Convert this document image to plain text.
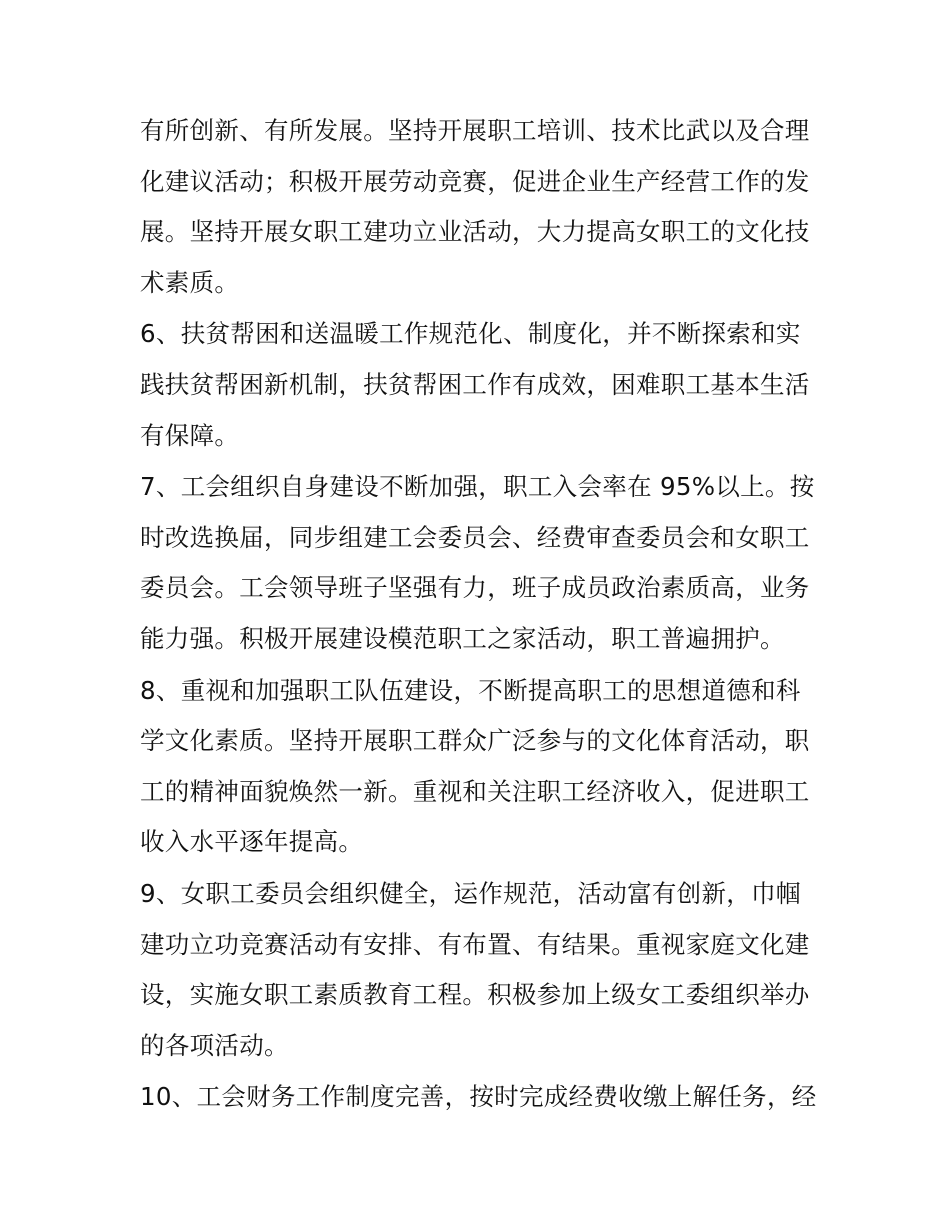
有所创新、有所发展。坚持开展职工培训、技术比武以及合理
化建议活动；积极开展劳动竞赛，促进企业生产经营工作的发
展。坚持开展女职工建功立业活动，大力提高女职工的文化技
术素质。
6、扶贫帮困和送温暖工作规范化、制度化，并不断探索和实
践扶贫帮困新机制，扶贫帮困工作有成效，困难职工基本生活
有保障。
7、工会组织自身建设不断加强，职工入会率在 95%以上。按
时改选换届，同步组建工会委员会、经费审查委员会和女职工
委员会。工会领导班子坚强有力，班子成员政治素质高，业务
能力强。积极开展建设模范职工之家活动，职工普遍拥护。
8、重视和加强职工队伍建设，不断提高职工的思想道德和科
学文化素质。坚持开展职工群众广泛参与的文化体育活动，职
工的精神面貌焕然一新。重视和关注职工经济收入，促进职工
收入水平逐年提高。
9、女职工委员会组织健全，运作规范，活动富有创新，巾帼
建功立功竞赛活动有安排、有布置、有结果。重视家庭文化建
设，实施女职工素质教育工程。积极参加上级女工委组织举办
的各项活动。
10、工会财务工作制度完善，按时完成经费收缴上解任务，经
